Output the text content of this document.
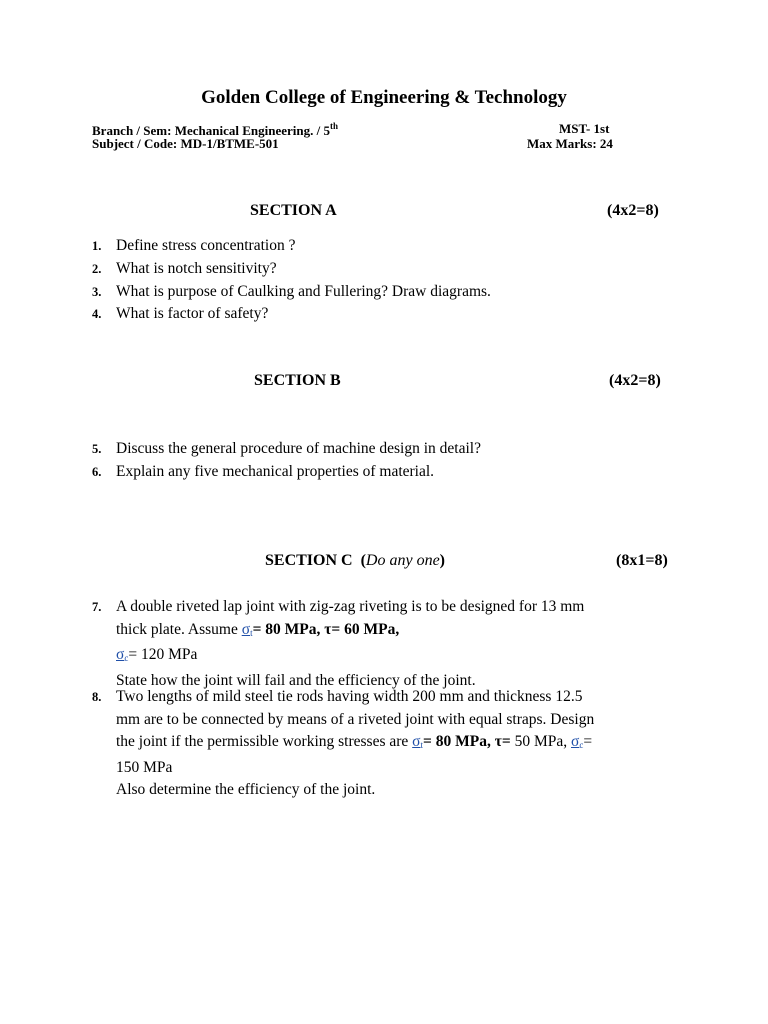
Golden College of Engineering & Technology
Branch / Sem: Mechanical Engineering. / 5th	MST- 1st
Subject / Code: MD-1/BTME-501	Max Marks: 24
SECTION A	(4x2=8)
1. Define stress concentration ?
2. What is notch sensitivity?
3. What is purpose of Caulking and Fullering? Draw diagrams.
4. What is factor of safety?
SECTION B	(4x2=8)
5. Discuss the general procedure of machine design in detail?
6. Explain any five mechanical properties of material.
SECTION C (Do any one)	(8x1=8)
7. A double riveted lap joint with zig-zag riveting is to be designed for 13 mm
thick plate. Assume $\sigma_t= 80$ MPa, τ= 60 MPa,
$\sigma_c= 120$ MPa
State how the joint will fail and the efficiency of the joint.
8. Two lengths of mild steel tie rods having width 200 mm and thickness 12.5
mm are to be connected by means of a riveted joint with equal straps. Design
the joint if the permissible working stresses are $\sigma_t= 80$ MPa, τ= 50 MPa, $\sigma_c=$
150 MPa
Also determine the efficiency of the joint.
